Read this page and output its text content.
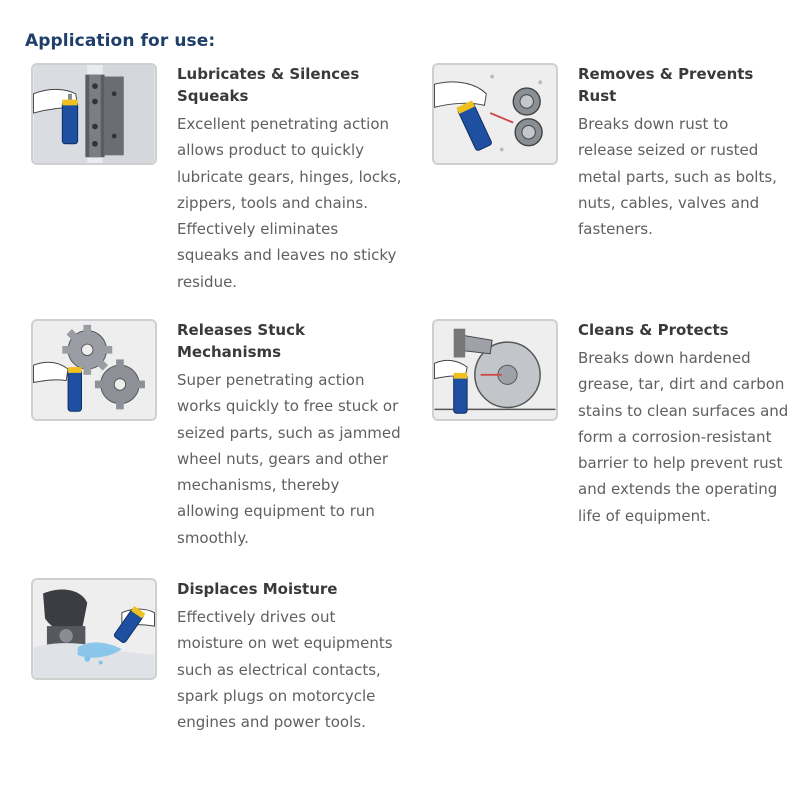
Application for use:
Lubricates & Silences Squeaks

Excellent penetrating action allows product to quickly lubricate gears, hinges, locks, zippers, tools and chains. Effectively eliminates squeaks and leaves no sticky residue.

Removes & Prevents Rust

Breaks down rust to release seized or rusted metal parts, such as bolts, nuts, cables, valves and fasteners.

Releases Stuck Mechanisms

Super penetrating action works quickly to free stuck or seized parts, such as jammed wheel nuts, gears and other mechanisms, thereby allowing equipment to run smoothly.

Cleans & Protects

Breaks down hardened grease, tar, dirt and carbon stains to clean surfaces and form a corrosion-resistant barrier to help prevent rust and extends the operating life of equipment.

Displaces Moisture

Effectively drives out moisture on wet equipments such as electrical contacts, spark plugs on motorcycle engines and power tools.
